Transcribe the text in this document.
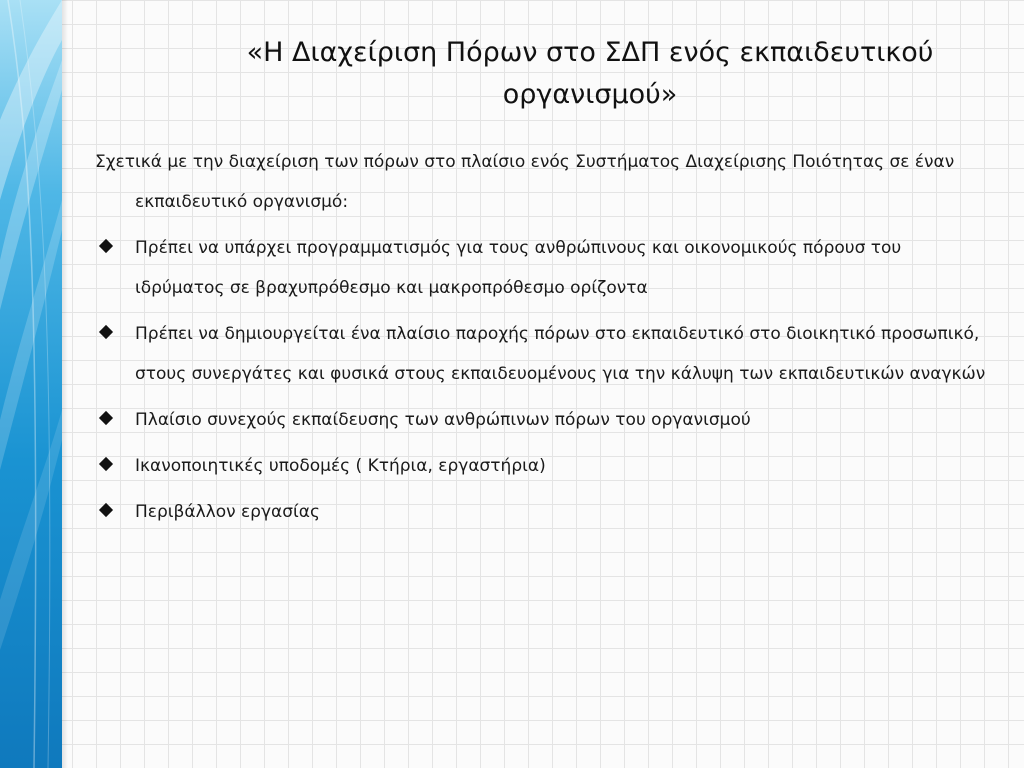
«Η Διαχείριση Πόρων στο ΣΔΠ ενός εκπαιδευτικού οργανισμού»

Σχετικά με την διαχείριση των πόρων στο πλαίσιο ενός Συστήματος Διαχείρισης Ποιότητας σε έναν εκπαιδευτικό οργανισμό:

Πρέπει να υπάρχει προγραμματισμός για τους ανθρώπινους και οικονομικούς πόρουσ του ιδρύματος σε βραχυπρόθεσμο και μακροπρόθεσμο ορίζοντα
Πρέπει να δημιουργείται ένα πλαίσιο παροχής πόρων στο εκπαιδευτικό στο διοικητικό προσωπικό, στους συνεργάτες και φυσικά στους εκπαιδευομένους για την κάλυψη των εκπαιδευτικών αναγκών
Πλαίσιο συνεχούς εκπαίδευσης των ανθρώπινων πόρων του οργανισμού
Ικανοποιητικές υποδομές ( Κτήρια, εργαστήρια)
Περιβάλλον εργασίας
